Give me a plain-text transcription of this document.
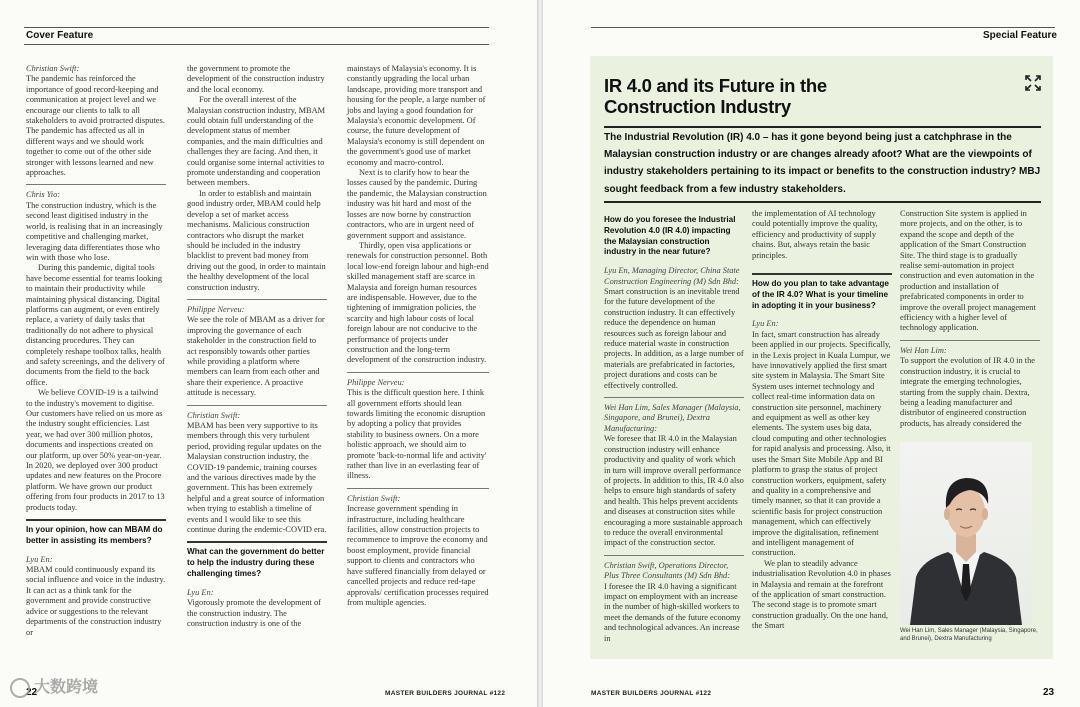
Cover Feature
Christian Swift:
The pandemic has reinforced the importance of good record-keeping and communication at project level and we encourage our clients to talk to all stakeholders to avoid protracted disputes. The pandemic has affected us all in different ways and we should work together to come out of the other side stronger with lessons learned and new approaches.
Chris Yio:
The construction industry, which is the second least digitised industry in the world, is realising that in an increasingly competitive and challenging market, leveraging data differentiates those who win with those who lose.
During this pandemic, digital tools have become essential for teams looking to maintain their productivity while maintaining physical distancing. Digital platforms can augment, or even entirely replace, a variety of daily tasks that traditionally do not adhere to physical distancing procedures. They can completely reshape toolbox talks, health and safety screenings, and the delivery of documents from the field to the back office.
We believe COVID-19 is a tailwind to the industry's movement to digitise. Our customers have relied on us more as the industry sought efficiencies. Last year, we had over 300 million photos, documents and inspections created on our platform, up over 50% year-on-year. In 2020, we deployed over 300 product updates and new features on the Procore platform. We have grown our product offering from four products in 2017 to 13 products today.
In your opinion, how can MBAM do better in assisting its members?
Lyu En:
MBAM could continuously expand its social influence and voice in the industry. It can act as a think tank for the government and provide constructive advice or suggestions to the relevant departments of the construction industry or
the government to promote the development of the construction industry and the local economy.
For the overall interest of the Malaysian construction industry, MBAM could obtain full understanding of the development status of member companies, and the main difficulties and challenges they are facing. And then, it could organise some internal activities to promote understanding and cooperation between members.
In order to establish and maintain good industry order, MBAM could help develop a set of market access mechanisms. Malicious construction contractors who disrupt the market should be included in the industry blacklist to prevent bad money from driving out the good, in order to maintain the healthy development of the local construction industry.
Philippe Nerveu:
We see the role of MBAM as a driver for improving the governance of each stakeholder in the construction field to act responsibly towards other parties while providing a platform where members can learn from each other and share their experience. A proactive attitude is necessary.
Christian Swift:
MBAM has been very supportive to its members through this very turbulent period, providing regular updates on the Malaysian construction industry, the COVID-19 pandemic, training courses and the various directives made by the government. This has been extremely helpful and a great source of information when trying to establish a timeline of events and I would like to see this continue during the endemic-COVID era.
What can the government do better to help the industry during these challenging times?
Lyu En:
Vigorously promote the development of the construction industry. The construction industry is one of the
mainstays of Malaysia's economy. It is constantly upgrading the local urban landscape, providing more transport and housing for the people, a large number of jobs and laying a good foundation for Malaysia's economic development. Of course, the future development of Malaysia's economy is still dependent on the government's good use of market economy and macro-control.
Next is to clarify how to bear the losses caused by the pandemic. During the pandemic, the Malaysian construction industry was hit hard and most of the losses are now borne by construction contractors, who are in urgent need of government support and assistance.
Thirdly, open visa applications or renewals for construction personnel. Both local low-end foreign labour and high-end skilled management staff are scarce in Malaysia and foreign human resources are indispensable. However, due to the tightening of immigration policies, the scarcity and high labour costs of local foreign labour are not conducive to the performance of projects under construction and the long-term development of the construction industry.
Philippe Nerveu:
This is the difficult question here. I think all government efforts should lean towards limiting the economic disruption by adopting a policy that provides stability to business owners. On a more holistic approach, we should aim to promote 'back-to-normal life and activity' rather than live in an everlasting fear of illness.
Christian Swift:
Increase government spending in infrastructure, including healthcare facilities, allow construction projects to recommence to improve the economy and boost employment, provide financial support to clients and contractors who have suffered financially from delayed or cancelled projects and reduce red-tape approvals/ certification processes required from multiple agencies.
22	MASTER BUILDERS JOURNAL #122
Special Feature
23
MASTER BUILDERS JOURNAL #122
IR 4.0 and its Future in the Construction Industry
The Industrial Revolution (IR) 4.0 – has it gone beyond being just a catchphrase in the Malaysian construction industry or are changes already afoot? What are the viewpoints of industry stakeholders pertaining to its impact or benefits to the construction industry? MBJ sought feedback from a few industry stakeholders.
How do you foresee the Industrial Revolution 4.0 (IR 4.0) impacting the Malaysian construction industry in the near future?
Lyu En, Managing Director, China State Construction Engineering (M) Sdn Bhd:
Smart construction is an inevitable trend for the future development of the construction industry. It can effectively reduce the dependence on human resources such as foreign labour and reduce material waste in construction projects. In addition, as a large number of materials are prefabricated in factories, project durations and costs can be effectively controlled.
Wei Han Lim, Sales Manager (Malaysia, Singapore, and Brunei), Dextra Manufacturing:
We foresee that IR 4.0 in the Malaysian construction industry will enhance productivity and quality of work which in turn will improve overall performance of projects. In addition to this, IR 4.0 also helps to ensure high standards of safety and health. This helps prevent accidents and diseases at construction sites while encouraging a more sustainable approach to reduce the overall environmental impact of the construction sector.
Christian Swift, Operations Director, Plus Three Consultants (M) Sdn Bhd:
I foresee the IR 4.0 having a significant impact on employment with an increase in the number of high-skilled workers to meet the demands of the future economy and technological advances. An increase in
the implementation of AI technology could potentially improve the quality, efficiency and productivity of supply chains. But, always retain the basic principles.
How do you plan to take advantage of the IR 4.0? What is your timeline in adopting it in your business?
Lyu En:
In fact, smart construction has already been applied in our projects. Specifically, in the Lexis project in Kuala Lumpur, we have innovatively applied the first smart site system in Malaysia. The Smart Site System uses internet technology and collect real-time information data on construction site personnel, machinery and equipment as well as other key elements. The system uses big data, cloud computing and other technologies for rapid analysis and processing. Also, it uses the Smart Site Mobile App and BI platform to grasp the status of project construction workers, equipment, safety and quality in a comprehensive and timely manner, so that it can provide a scientific basis for project construction management, which can effectively improve the digitalisation, refinement and intelligent management of construction.
We plan to steadily advance industrialisation Revolution 4.0 in phases in Malaysia and remain at the forefront of the application of smart construction. The second stage is to promote smart construction gradually. On the one hand, the Smart
Construction Site system is applied in more projects, and on the other, is to expand the scope and depth of the application of the Smart Construction Site. The third stage is to gradually realise semi-automation in project construction and even automation in the production and installation of prefabricated components in order to improve the overall project management efficiency with a higher level of technology application.
Wei Han Lim:
To support the evolution of IR 4.0 in the construction industry, it is crucial to integrate the emerging technologies, starting from the supply chain. Dextra, being a leading manufacturer and distributor of engineered construction products, has already considered the
Wei Han Lim, Sales Manager (Malaysia, Singapore, and Brunei), Dextra Manufacturing
大数跨境
